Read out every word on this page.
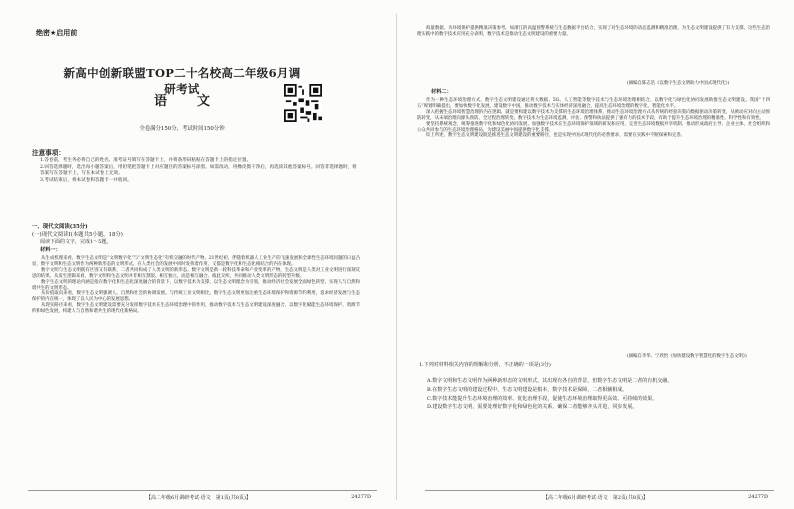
绝密★启用前
新高中创新联盟TOP二十名校高二年级6月调研考试
语文
全卷满分150分，考试时间150分钟
注意事项：
1.答卷前，考生务必将自己的姓名、准考证号填写在答题卡上，并将条形码粘贴在答题卡上的指定位置。
2.回答选择题时，选出每小题答案后，用铅笔把答题卡上对应题目的答案标号涂黑。如需改动，用橡皮擦干净后，再选涂其他答案标号。回答非选择题时，将答案写在答题卡上，写在本试卷上无效。
3.考试结束后，将本试卷和答题卡一并收回。
一、现代文阅读(35分)
(一)现代文阅读Ⅰ(本题共5小题，18分)
阅读下面的文字，完成1～5题。
材料一：

从生成机理来看，数字生态文明是“文明数字化”与“文明生态化”有机交融的时代产物。21世纪初，伴随着机器人工业生产的飞速发展和全球性生态环境问题的日益凸显，数字文明和生态文明作为两种新形态的文明形式，在人类社会的发展中同时发挥着作用，又都是数字化和生态化相结合的内在体现。

数字文明与生态文明既有区别又有联系，二者共同构成了人类文明的新形态。数字文明是新一轮科技革命和产业变革的产物，生态文明是人类对工业文明进行深刻反思的结果。从发生逻辑来看，数字文明和生态文明并非相互割裂、相互独立，而是相互融合、彼此交织，共同推动人类文明形态的转型升级。

数字生态文明的理论内涵是指在数字化和生态化深度融合的背景下，以数字技术为支撑，以生态文明理念为引领，推动经济社会发展全面绿色转型，实现人与自然和谐共生的文明形态。

从价值取向来看，数字生态文明强调人、自然和社会的协调发展。与传统工业文明相比，数字生态文明更加注重生态环境保护和资源节约利用，追求经济发展与生态保护的内在统一，体现了以人民为中心的发展思想。

从现实路径来看，数字生态文明建设需要充分发挥数字技术在生态环境治理中的作用，推动数字技术与生态文明建设深度融合，以数字化赋能生态环境保护、资源节约和绿色发展，构建人与自然和谐共生的现代化新格局。

【高二年级6月调研考试·语文　第1页(共8页)】	24277D

海量数据，为环境保护提供精准决策参考。如浙江的高温预警系统与生态数据平台结合，实现了对生态环境的动态监测和精准治理，为生态文明建设提供了有力支撑。这些生态治理实践中的数字技术应用充分表明，数字技术是推动生态文明建设的重要力量。

(摘编自陈志浩《以数字生态文明助力中国式现代化》)
材料二：

作为一种生态环境治理方式，数字生态文明建设通过将大数据、5G、人工智能等数字技术与生态环境治理相结合，以数字化与绿色化协同发展助推生态文明建设。我国“十四五”规划明确提出，要加快数字化发展，建设数字中国，推动数字技术与实体经济深度融合，提高生态环境治理的数字化、智能化水平。

深入把握生态环境智慧治理的内在逻辑，就是要构建以数字技术为支撑的生态环境治理体系，推动生态环境治理方式从传统的经验决策向数据驱动决策转变，从被动应对向主动预防转变，从末端治理向源头预防、全过程治理转变。数字技术为生态环境监测、评估、预警和执法提供了强有力的技术手段，有助于提升生态环境治理的精准性、科学性和有效性。

要坚持系统观念，统筹推进数字化和绿色化协同发展，加强数字技术在生态环境保护领域的研发和应用，完善生态环境数据共享机制，推动形成政府主导、企业主体、社会组织和公众共同参与的生态环境治理格局，为建设美丽中国提供数字化支撑。

综上所述，数字生态文明建设既是推进生态文明建设的重要路径，也是实现中国式现代化的必然要求，需要在实践中不断探索和完善。

(摘编自李华、宁欣怡《加快建设数字智慧化的数字生态文明》)
1.下列对材料相关内容的理解和分析，不正确的一项是(3分)
A.数字文明和生态文明作为两种新形态的文明形式，其出现有各自的背景，但数字生态文明是二者的有机交融。
B.在数字生态文明的建设过程中，生态文明建设是根本，数字技术是保障，二者相辅相成。
C.数字技术能提升生态环境治理的效率、优化治理手段，促使生态环境治理取得更高效、可持续的效果。
D.建设数字生态文明，需要处理好数字化和绿色化的关系，确保二者能够齐头并进，同步发展。
【高二年级6月调研考试·语文　第2页(共8页)】	24277D
